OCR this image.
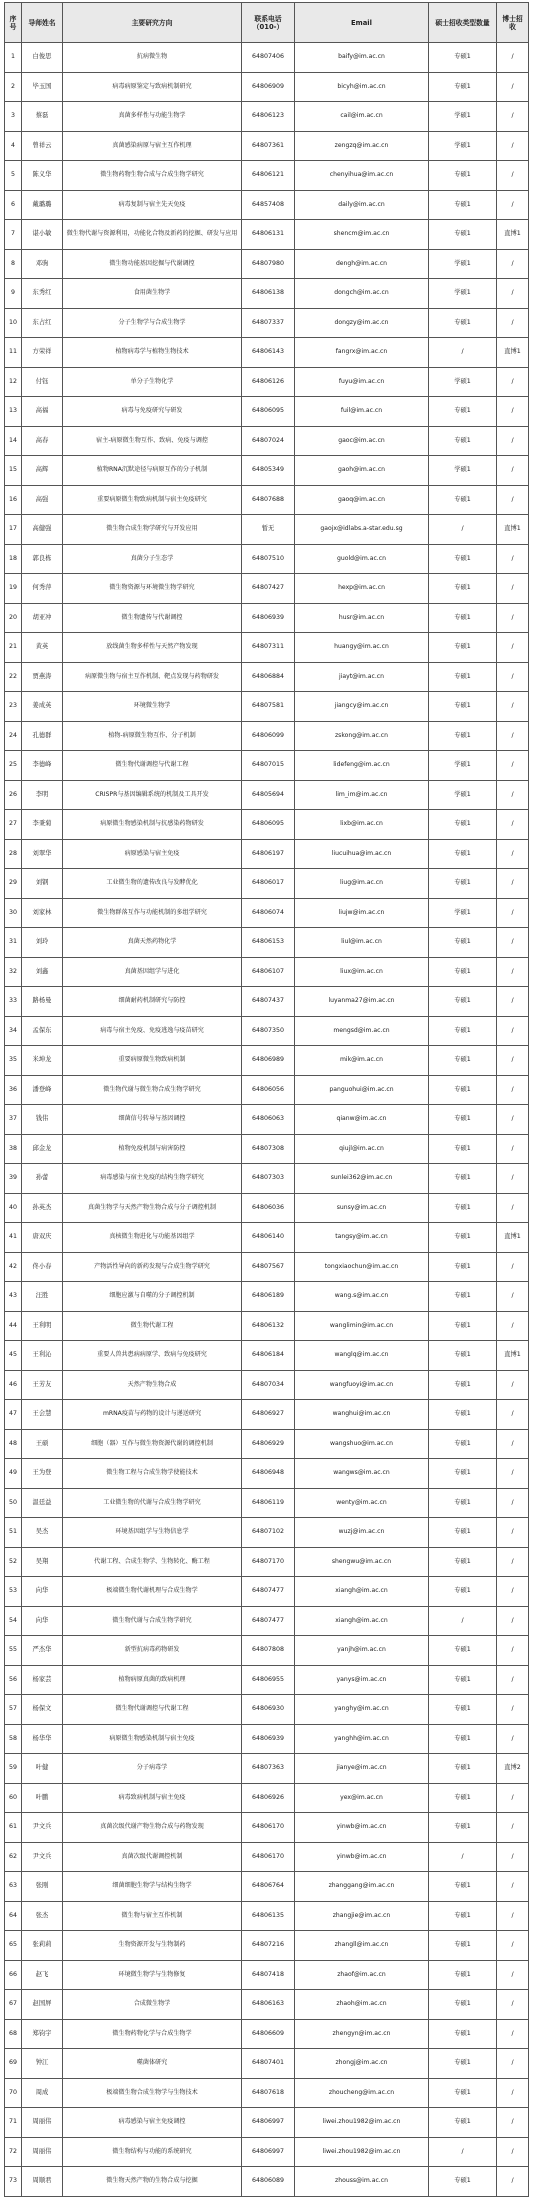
序号	导师姓名	主要研究方向	联系电话（010-）	Email	硕士招收类型数量	博士招收
1	白俊思	抗病微生物	64807406	baify@im.ac.cn	专硕1	/
2	毕玉国	病毒病原鉴定与致病机制研究	64806909	bicyh@im.ac.cn	专硕1	/
3	蔡磊	真菌多样性与功能生物学	64806123	cail@im.ac.cn	学硕1	/
4	曾祥云	真菌感染病原与宿主互作机理	64807361	zengzq@im.ac.cn	学硕1	/
5	陈义华	微生物药物生物合成与合成生物学研究	64806121	chenyihua@im.ac.cn	专硕1	/
6	戴璐璐	病毒复制与宿主先天免疫	64857408	daily@im.ac.cn	专硕1	/
7	谌小敏	微生物代谢与资源利用，功能化合物及新药的挖掘、研发与应用	64806131	shencm@im.ac.cn	专硕1	直博1
8	邓驹	微生物功能基因挖掘与代谢调控	64807980	dengh@im.ac.cn	学硕1	/
9	东秀红	食用菌生物学	64806138	dongch@im.ac.cn	学硕1	/
10	东占红	分子生物学与合成生物学	64807337	dongzy@im.ac.cn	专硕1	/
11	方荣祥	植物病毒学与植物生物技术	64806143	fangrx@im.ac.cn	/	直博1
12	付钰	单分子生物化学	64806126	fuyu@im.ac.cn	学硕1	/
13	高福	病毒与免疫研究与研发	64806095	fuil@im.ac.cn	专硕1	/
14	高春	宿主-病原微生物互作、致病、免疫与调控	64807024	gaoc@im.ac.cn	专硕1	/
15	高辉	植物RNA沉默途径与病原互作的分子机制	64805349	gaoh@im.ac.cn	学硕1	/
16	高强	重要病原微生物致病机制与宿主免疫研究	64807688	gaoq@im.ac.cn	专硕1	/
17	高健强	微生物合成生物学研究与开发应用	暂无	gaojx@idlabs.a-star.edu.sg	/	直博1
18	郭良栋	真菌分子生态学	64807510	guold@im.ac.cn	专硕1	/
19	何秀萍	微生物资源与环境微生物学研究	64807427	hexp@im.ac.cn	专硕1	/
20	胡亚冲	微生物遗传与代谢调控	64806939	husr@im.ac.cn	专硕1	/
21	黄英	放线菌生物多样性与天然产物发现	64807311	huangy@im.ac.cn	专硕1	/
22	贾燕涛	病原微生物与宿主互作机制、靶点发现与药物研发	64806884	jiayt@im.ac.cn	专硕1	/
23	姜成英	环境微生物学	64807581	jiangcy@im.ac.cn	专硕1	/
24	孔德群	植物-病原微生物互作、分子机制	64806099	zskong@im.ac.cn	专硕1	/
25	李德峰	微生物代谢调控与代谢工程	64807015	lidefeng@im.ac.cn	学硕1	/
26	李明	CRISPR与基因编辑系统的机制及工具开发	64805694	lim_im@im.ac.cn	学硕1	/
27	李秉菊	病原微生物感染机制与抗感染药物研发	64806095	lixb@im.ac.cn	专硕1	/
28	刘翠华	病原感染与宿主免疫	64806197	liucuihua@im.ac.cn	专硕1	/
29	刘钢	工业微生物的遗传改良与发酵优化	64806017	liug@im.ac.cn	专硕1	/
30	刘家林	微生物群落互作与功能机制的多组学研究	64806074	liujw@im.ac.cn	学硕1	/
31	刘玲	真菌天然药物化学	64806153	liul@im.ac.cn	专硕1	/
32	刘鑫	真菌基因组学与进化	64806107	liux@im.ac.cn	专硕1	/
33	路杨曼	细菌耐药机制研究与防控	64807437	luyanma27@im.ac.cn	专硕1	/
34	孟保东	病毒与宿主免疫、免疫逃逸与疫苗研究	64807350	mengsd@im.ac.cn	专硕1	/
35	米坤龙	重要病原微生物致病机制	64806989	mik@im.ac.cn	专硕1	/
36	潘登峰	微生物代谢与微生物合成生物学研究	64806056	panguohui@im.ac.cn	专硕1	/
37	钱伟	细菌信号转导与基因调控	64806063	qianw@im.ac.cn	专硕1	/
38	邱金龙	植物免疫机制与病害防控	64807308	qiujl@im.ac.cn	专硕1	/
39	孙蕾	病毒感染与宿主免疫的结构生物学研究	64807303	sunlei362@im.ac.cn	专硕1	/
40	孙英杰	真菌生物学与天然产物生物合成与分子调控机制	64806036	sunsy@im.ac.cn	专硕1	/
41	唐双庆	真核微生物进化与功能基因组学	64806140	tangsy@im.ac.cn	专硕1	直博1
42	佟小春	产物活性导向的新药发现与合成生物学研究	64807567	tongxiaochun@im.ac.cn	专硕1	/
43	汪胜	细胞应激与自噬的分子调控机制	64806189	wang.s@im.ac.cn	专硕1	/
44	王利明	微生物代谢工程	64806132	wanglimin@im.ac.cn	专硕1	/
45	王利沁	重要人兽共患病病原学、致病与免疫研究	64806184	wanglq@im.ac.cn	专硕1	直博1
46	王芳友	天然产物生物合成	64807034	wangfuoyi@im.ac.cn	专硕1	/
47	王会慧	mRNA疫苗与药物的设计与递送研究	64806927	wanghui@im.ac.cn	专硕1	/
48	王硕	细胞（器）互作与微生物资源代谢的调控机制	64806929	wangshuo@im.ac.cn	专硕1	/
49	王为登	微生物工程与合成生物学使能技术	64806948	wangws@im.ac.cn	专硕1	/
50	温廷益	工业微生物的代谢与合成生物学研究	64806119	wenty@im.ac.cn	专硕1	/
51	吴杰	环境基因组学与生物信息学	64807102	wuzj@im.ac.cn	专硕1	/
52	吴翔	代谢工程、合成生物学、生物转化、酶工程	64807170	shengwu@im.ac.cn	专硕1	/
53	向华	极端微生物代谢机理与合成生物学	64807477	xiangh@im.ac.cn	专硕1	/
54	向华	微生物代谢与合成生物学研究	64807477	xiangh@im.ac.cn	/	/
55	严杰华	新型抗病毒药物研发	64807808	yanjh@im.ac.cn	专硕1	/
56	杨家芸	植物病原真菌的致病机理	64806955	yanys@im.ac.cn	专硕1	/
57	杨保文	微生物代谢调控与代谢工程	64806930	yanghy@im.ac.cn	专硕1	/
58	杨华华	病原微生物感染机制与宿主免疫	64806939	yanghh@im.ac.cn	专硕1	/
59	叶健	分子病毒学	64807363	jianye@im.ac.cn	专硕1	直博2
60	叶鹏	病毒致病机制与宿主免疫	64806926	yex@im.ac.cn	专硕1	/
61	尹文兵	真菌次级代谢产物生物合成与药物发现	64806170	yinwb@im.ac.cn	专硕1	/
62	尹文兵	真菌次级代谢调控机制	64806170	yinwb@im.ac.cn	/	/
63	张刚	细菌细胞生物学与结构生物学	64806764	zhanggang@im.ac.cn	专硕1	/
64	张杰	微生物与宿主互作机制	64806135	zhangjie@im.ac.cn	专硕1	/
65	张莉莉	生物资源开发与生物制药	64807216	zhangll@im.ac.cn	专硕1	/
66	赵飞	环境微生物学与生物修复	64807418	zhaof@im.ac.cn	专硕1	/
67	赵国屏	合成微生物学	64806163	zhaoh@im.ac.cn	专硕1	/
68	郑钧宇	微生物药物化学与合成生物学	64806609	zhengyn@im.ac.cn	专硕1	/
69	钟江	噬菌体研究	64807401	zhongj@im.ac.cn	专硕1	/
70	周成	极端微生物合成生物学与生物技术	64807618	zhoucheng@im.ac.cn	专硕1	/
71	周丽伟	病毒感染与宿主免疫调控	64806997	liwei.zhou1982@im.ac.cn	专硕1	/
72	周丽伟	微生物结构与功能的系统研究	64806997	liwei.zhou1982@im.ac.cn	/	/
73	周顺君	微生物天然产物的生物合成与挖掘	64806089	zhouss@im.ac.cn	专硕1	/
